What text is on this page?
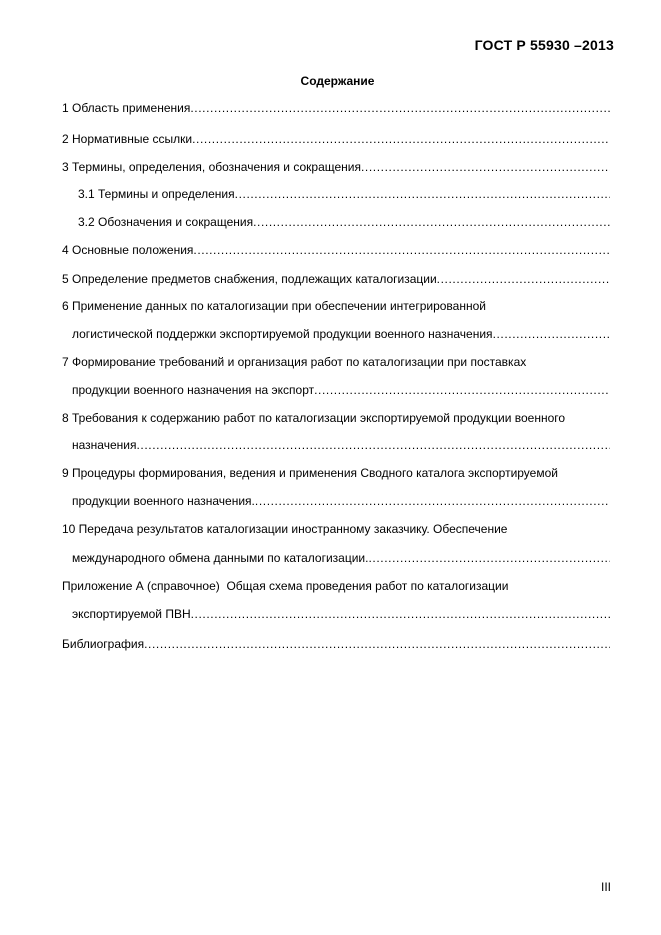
ГОСТ Р 55930 –2013
Содержание
1 Область применения
.....
2 Нормативные ссылки
.....
3 Термины, определения, обозначения и сокращения
.....
3.1 Термины и определения
.....
3.2 Обозначения и сокращения
.....
4 Основные положения
.....
5 Определение предметов снабжения, подлежащих каталогизации
.....
6 Применение данных по каталогизации при обеспечении интегрированной
логистической поддержки экспортируемой продукции военного назначения
.....
7 Формирование требований и организация работ по каталогизации при поставках
продукции военного назначения на экспорт
.....
8 Требования к содержанию работ по каталогизации экспортируемой продукции военного
назначения
.....
9 Процедуры формирования, ведения и применения Сводного каталога экспортируемой
продукции военного назначения.
.....
10 Передача результатов каталогизации иностранному заказчику. Обеспечение
международного обмена данными по каталогизации.
.....
Приложение А (справочное)  Общая схема проведения работ по каталогизации
экспортируемой ПВН
.....
Библиография
.....
III
